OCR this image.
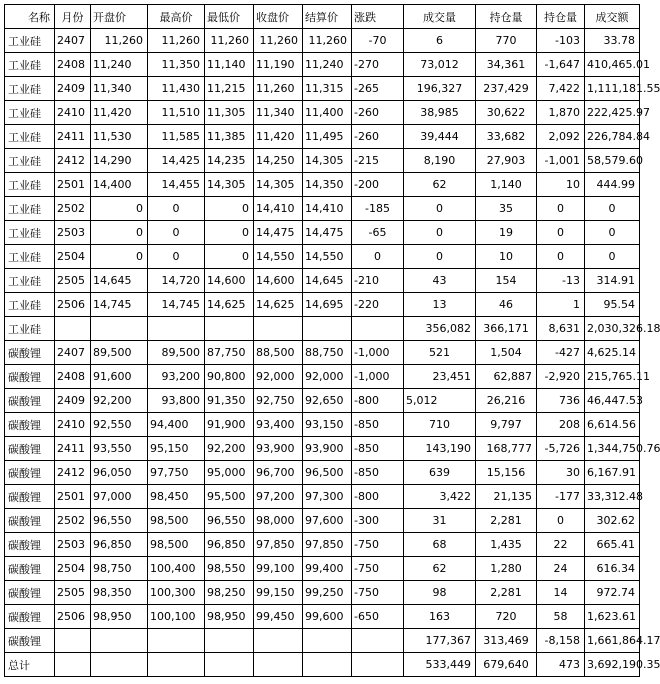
名称	月份	开盘价	最高价	最低价	收盘价	结算价	涨跌	成交量	持仓量	持仓量	成交额
工业硅	2407	11,260	11,260	11,260	11,260	11,260	-70	6	770	-103	33.78
工业硅	2408	11,240	11,350	11,140	11,190	11,240	-270	73,012	34,361	-1,647	410,465.01
工业硅	2409	11,340	11,430	11,215	11,260	11,315	-265	196,327	237,429	7,422	1,111,181.55
工业硅	2410	11,420	11,510	11,305	11,340	11,400	-260	38,985	30,622	1,870	222,425.97
工业硅	2411	11,530	11,585	11,385	11,420	11,495	-260	39,444	33,682	2,092	226,784.84
工业硅	2412	14,290	14,425	14,235	14,250	14,305	-215	8,190	27,903	-1,001	58,579.60
工业硅	2501	14,400	14,455	14,305	14,305	14,350	-200	62	1,140	10	444.99
工业硅	2502	0	0	0	14,410	14,410	-185	0	35	0	0
工业硅	2503	0	0	0	14,475	14,475	-65	0	19	0	0
工业硅	2504	0	0	0	14,550	14,550	0	0	10	0	0
工业硅	2505	14,645	14,720	14,600	14,600	14,645	-210	43	154	-13	314.91
工业硅	2506	14,745	14,745	14,625	14,625	14,695	-220	13	46	1	95.54
工业硅								356,082	366,171	8,631	2,030,326.18
碳酸锂	2407	89,500	89,500	87,750	88,500	88,750	-1,000	521	1,504	-427	4,625.14
碳酸锂	2408	91,600	93,200	90,800	92,000	92,000	-1,000	23,451	62,887	-2,920	215,765.11
碳酸锂	2409	92,200	93,800	91,350	92,750	92,650	-800	5,012	26,216	736	46,447.53
碳酸锂	2410	92,550	94,400	91,900	93,400	93,150	-850	710	9,797	208	6,614.56
碳酸锂	2411	93,550	95,150	92,200	93,900	93,900	-850	143,190	168,777	-5,726	1,344,750.76
碳酸锂	2412	96,050	97,750	95,000	96,700	96,500	-850	639	15,156	30	6,167.91
碳酸锂	2501	97,000	98,450	95,500	97,200	97,300	-800	3,422	21,135	-177	33,312.48
碳酸锂	2502	96,550	98,500	96,550	98,000	97,600	-300	31	2,281	0	302.62
碳酸锂	2503	96,850	98,500	96,850	97,850	97,850	-750	68	1,435	22	665.41
碳酸锂	2504	98,750	100,400	98,550	99,100	99,400	-750	62	1,280	24	616.34
碳酸锂	2505	98,350	100,300	98,250	99,150	99,250	-750	98	2,281	14	972.74
碳酸锂	2506	98,950	100,100	98,950	99,450	99,600	-650	163	720	58	1,623.61
碳酸锂								177,367	313,469	-8,158	1,661,864.17
总计								533,449	679,640	473	3,692,190.35
